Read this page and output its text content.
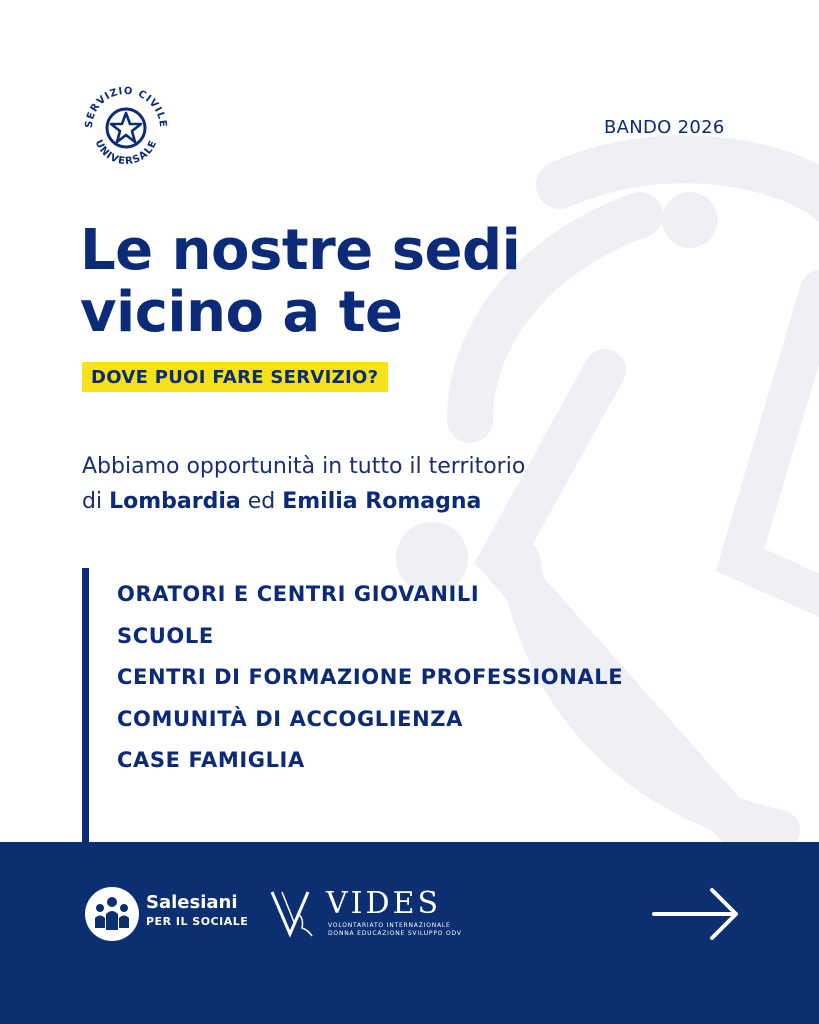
SERVIZIO CIVILE
UNIVERSALE
BANDO 2026
Le nostre sedi
vicino a te
DOVE PUOI FARE SERVIZIO?
Abbiamo opportunità in tutto il territorio
di Lombardia ed Emilia Romagna
ORATORI E CENTRI GIOVANILI
SCUOLE
CENTRI DI FORMAZIONE PROFESSIONALE
COMUNITÀ DI ACCOGLIENZA
CASE FAMIGLIA
Salesiani
PER IL SOCIALE
VIDES
VOLONTARIATO INTERNAZIONALE
DONNA EDUCAZIONE SVILUPPO ODV
